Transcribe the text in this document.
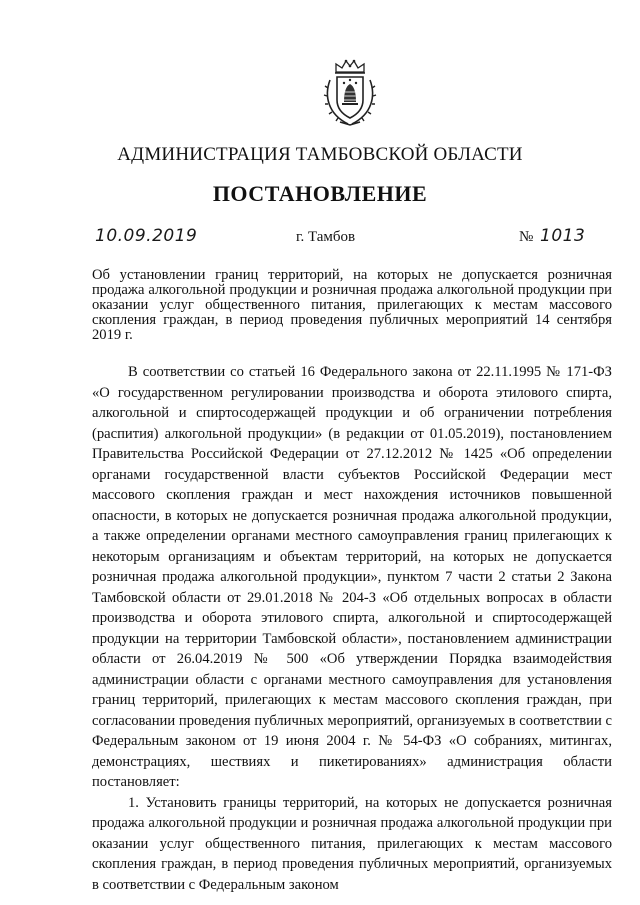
АДМИНИСТРАЦИЯ ТАМБОВСКОЙ ОБЛАСТИ
ПОСТАНОВЛЕНИЕ
10.09.2019	г. Тамбов	№ 1013
Об установлении границ территорий, на которых не допускается розничная продажа алкогольной продукции и розничная продажа алкогольной продукции при оказании услуг общественного питания, прилегающих к местам массового скопления граждан, в период проведения публичных мероприятий 14 сентября 2019 г.

В соответствии со статьей 16 Федерального закона от 22.11.1995 № 171-ФЗ «О государственном регулировании производства и оборота этилового спирта, алкогольной и спиртосодержащей продукции и об ограничении потребления (распития) алкогольной продукции» (в редакции от 01.05.2019), постановлением Правительства Российской Федерации от 27.12.2012 № 1425 «Об определении органами государственной власти субъектов Российской Федерации мест массового скопления граждан и мест нахождения источников повышенной опасности, в которых не допускается розничная продажа алкогольной продукции, а также определении органами местного самоуправления границ прилегающих к некоторым организациям и объектам территорий, на которых не допускается розничная продажа алкогольной продукции», пунктом 7 части 2 статьи 2 Закона Тамбовской области от 29.01.2018 № 204-З «Об отдельных вопросах в области производства и оборота этилового спирта, алкогольной и спиртосодержащей продукции на территории Тамбовской области», постановлением администрации области от 26.04.2019 № 500 «Об утверждении Порядка взаимодействия администрации области с органами местного самоуправления для установления границ территорий, прилегающих к местам массового скопления граждан, при согласовании проведения публичных мероприятий, организуемых в соответствии с Федеральным законом от 19 июня 2004 г. № 54-ФЗ «О собраниях, митингах, демонстрациях, шествиях и пикетированиях» администрация области постановляет:

1. Установить границы территорий, на которых не допускается розничная продажа алкогольной продукции и розничная продажа алкогольной продукции при оказании услуг общественного питания, прилегающих к местам массового скопления граждан, в период проведения публичных мероприятий, организуемых в соответствии с Федеральным законом
